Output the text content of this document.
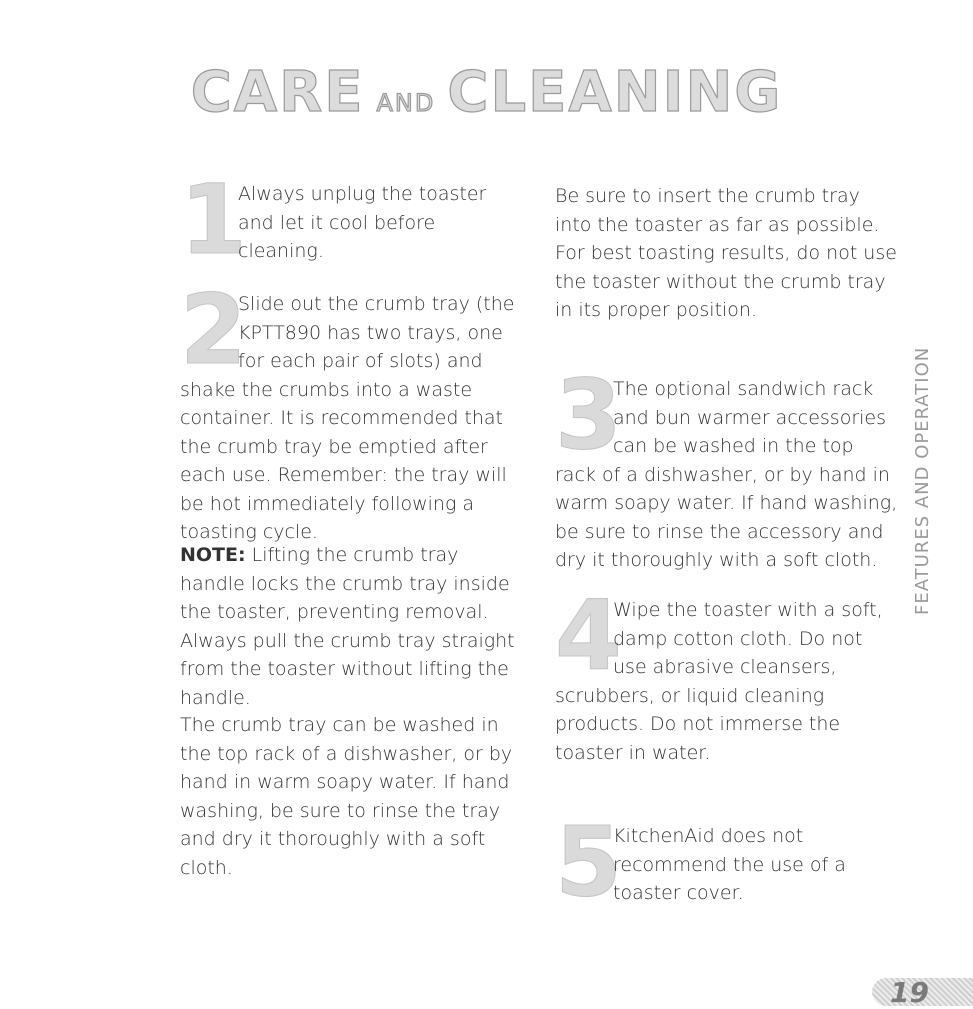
CARE AND CLEANING

1
Always unplug the toaster and let it cool before cleaning.

2
Slide out the crumb tray (the KPTT890 has two trays, one for each pair of slots) and shake the crumbs into a waste container. It is recommended that the crumb tray be emptied after each use. Remember: the tray will be hot immediately following a toasting cycle.

NOTE: Lifting the crumb tray handle locks the crumb tray inside the toaster, preventing removal. Always pull the crumb tray straight from the toaster without lifting the handle.

The crumb tray can be washed in the top rack of a dishwasher, or by hand in warm soapy water. If hand washing, be sure to rinse the tray and dry it thoroughly with a soft cloth.

Be sure to insert the crumb tray into the toaster as far as possible. For best toasting results, do not use the toaster without the crumb tray in its proper position.

3
The optional sandwich rack and bun warmer accessories can be washed in the top rack of a dishwasher, or by hand in warm soapy water. If hand washing, be sure to rinse the accessory and dry it thoroughly with a soft cloth.

4
Wipe the toaster with a soft, damp cotton cloth. Do not use abrasive cleansers, scrubbers, or liquid cleaning products. Do not immerse the toaster in water.

5
KitchenAid does not recommend the use of a toaster cover.

FEATURES AND OPERATION
19
